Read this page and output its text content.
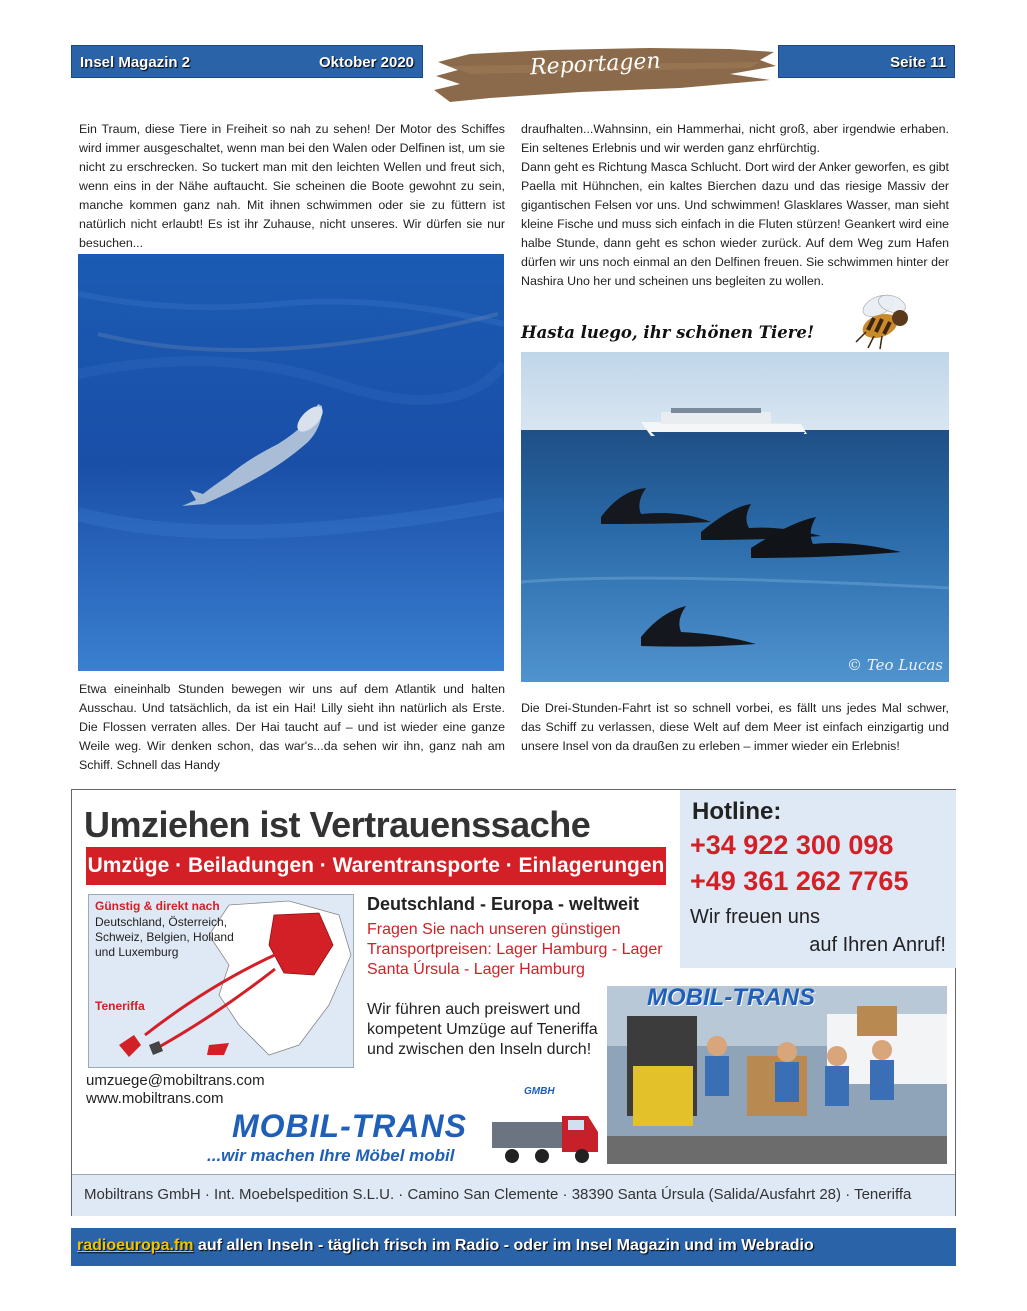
Insel Magazin 2	Oktober 2020	Reportagen	Seite 11

Ein Traum, diese Tiere in Freiheit so nah zu sehen! Der Motor des Schiffes wird immer ausgeschaltet, wenn man bei den Walen oder Delfinen ist, um sie nicht zu erschrecken. So tuckert man mit den leichten Wellen und freut sich, wenn eins in der Nähe auftaucht. Sie scheinen die Boote gewohnt zu sein, manche kommen ganz nah. Mit ihnen schwimmen oder sie zu füttern ist natürlich nicht erlaubt! Es ist ihr Zuhause, nicht unseres. Wir dürfen sie nur besuchen...

Etwa eineinhalb Stunden bewegen wir uns auf dem Atlantik und halten Ausschau. Und tatsächlich, da ist ein Hai! Lilly sieht ihn natürlich als Erste. Die Flossen verraten alles. Der Hai taucht auf – und ist wieder eine ganze Weile weg. Wir denken schon, das war's...da sehen wir ihn, ganz nah am Schiff. Schnell das Handy

draufhalten...Wahnsinn, ein Hammerhai, nicht groß, aber irgendwie erhaben. Ein seltenes Erlebnis und wir werden ganz ehrfürchtig.

Dann geht es Richtung Masca Schlucht. Dort wird der Anker geworfen, es gibt Paella mit Hühnchen, ein kaltes Bierchen dazu und das riesige Massiv der gigantischen Felsen vor uns. Und schwimmen! Glasklares Wasser, man sieht kleine Fische und muss sich einfach in die Fluten stürzen! Geankert wird eine halbe Stunde, dann geht es schon wieder zurück. Auf dem Weg zum Hafen dürfen wir uns noch einmal an den Delfinen freuen. Sie schwimmen hinter der Nashira Uno her und scheinen uns begleiten zu wollen.

Hasta luego, ihr schönen Tiere!
© Teo Lucas

Die Drei-Stunden-Fahrt ist so schnell vorbei, es fällt uns jedes Mal schwer, das Schiff zu verlassen, diese Welt auf dem Meer ist einfach einzigartig und unsere Insel von da draußen zu erleben – immer wieder ein Erlebnis!

Umziehen ist Vertrauenssache
Umzüge · Beiladungen · Warentransporte · Einlagerungen
Hotline:
+34 922 300 098
+49 361 262 7765
Wir freuen uns
auf Ihren Anruf!
Günstig & direkt nach
Deutschland, Österreich, Schweiz, Belgien, Holland und Luxemburg
Teneriffa
Deutschland - Europa - weltweit
Fragen Sie nach unseren günstigen Transportpreisen: Lager Hamburg - Lager Santa Úrsula - Lager Hamburg
Wir führen auch preiswert und kompetent Umzüge auf Teneriffa und zwischen den Inseln durch!
umzuege@mobiltrans.com
www.mobiltrans.com
MOBIL-TRANS
GMBH
...wir machen Ihre Möbel mobil
MOBIL-TRANS
Mobiltrans GmbH · Int. Moebelspedition S.L.U. · Camino San Clemente · 38390 Santa Úrsula (Salida/Ausfahrt 28) · Teneriffa
radioeuropa.fm auf allen Inseln - täglich frisch im Radio - oder im Insel Magazin und im Webradio
